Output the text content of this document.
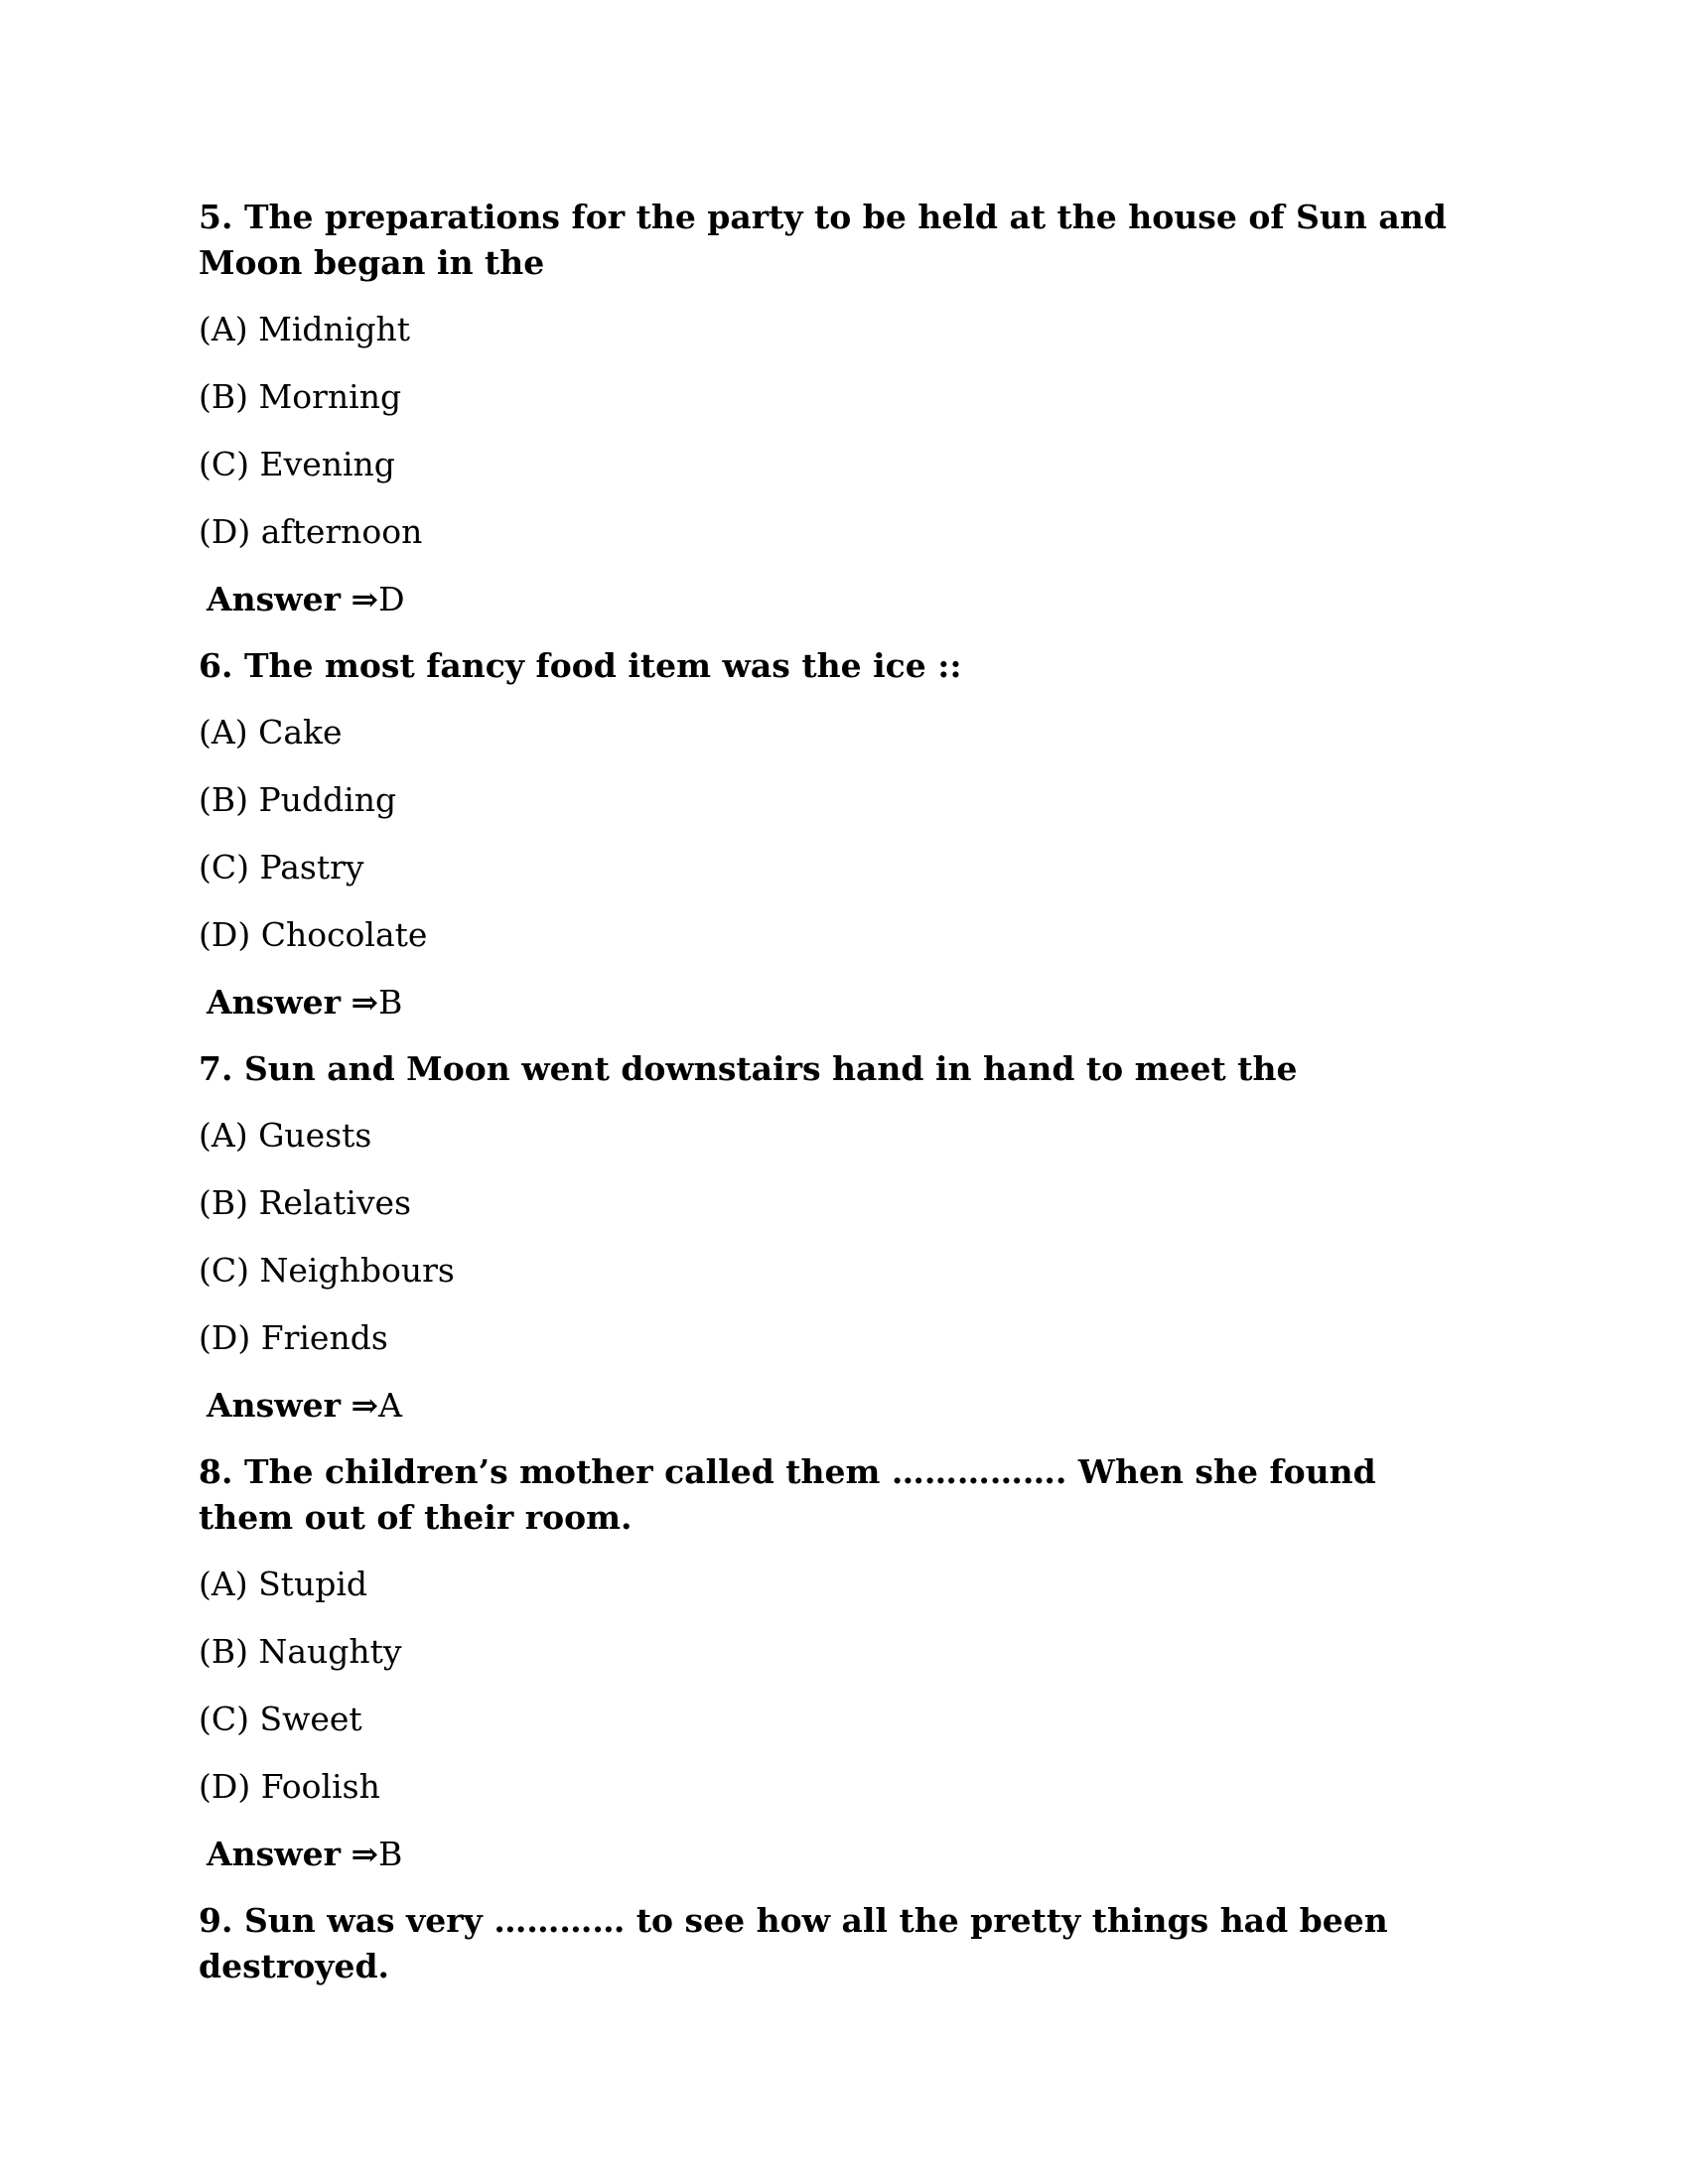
5. The preparations for the party to be held at the house of Sun and Moon began in the

(A) Midnight
(B) Morning
(C) Evening
(D) afternoon
Answer ⇒D

6. The most fancy food item was the ice ::

(A) Cake
(B) Pudding
(C) Pastry
(D) Chocolate
Answer ⇒B

7. Sun and Moon went downstairs hand in hand to meet the

(A) Guests
(B) Relatives
(C) Neighbours
(D) Friends
Answer ⇒A

8. The children’s mother called them ……………. When she found them out of their room.

(A) Stupid
(B) Naughty
(C) Sweet
(D) Foolish
Answer ⇒B

9. Sun was very ………… to see how all the pretty things had been destroyed.
